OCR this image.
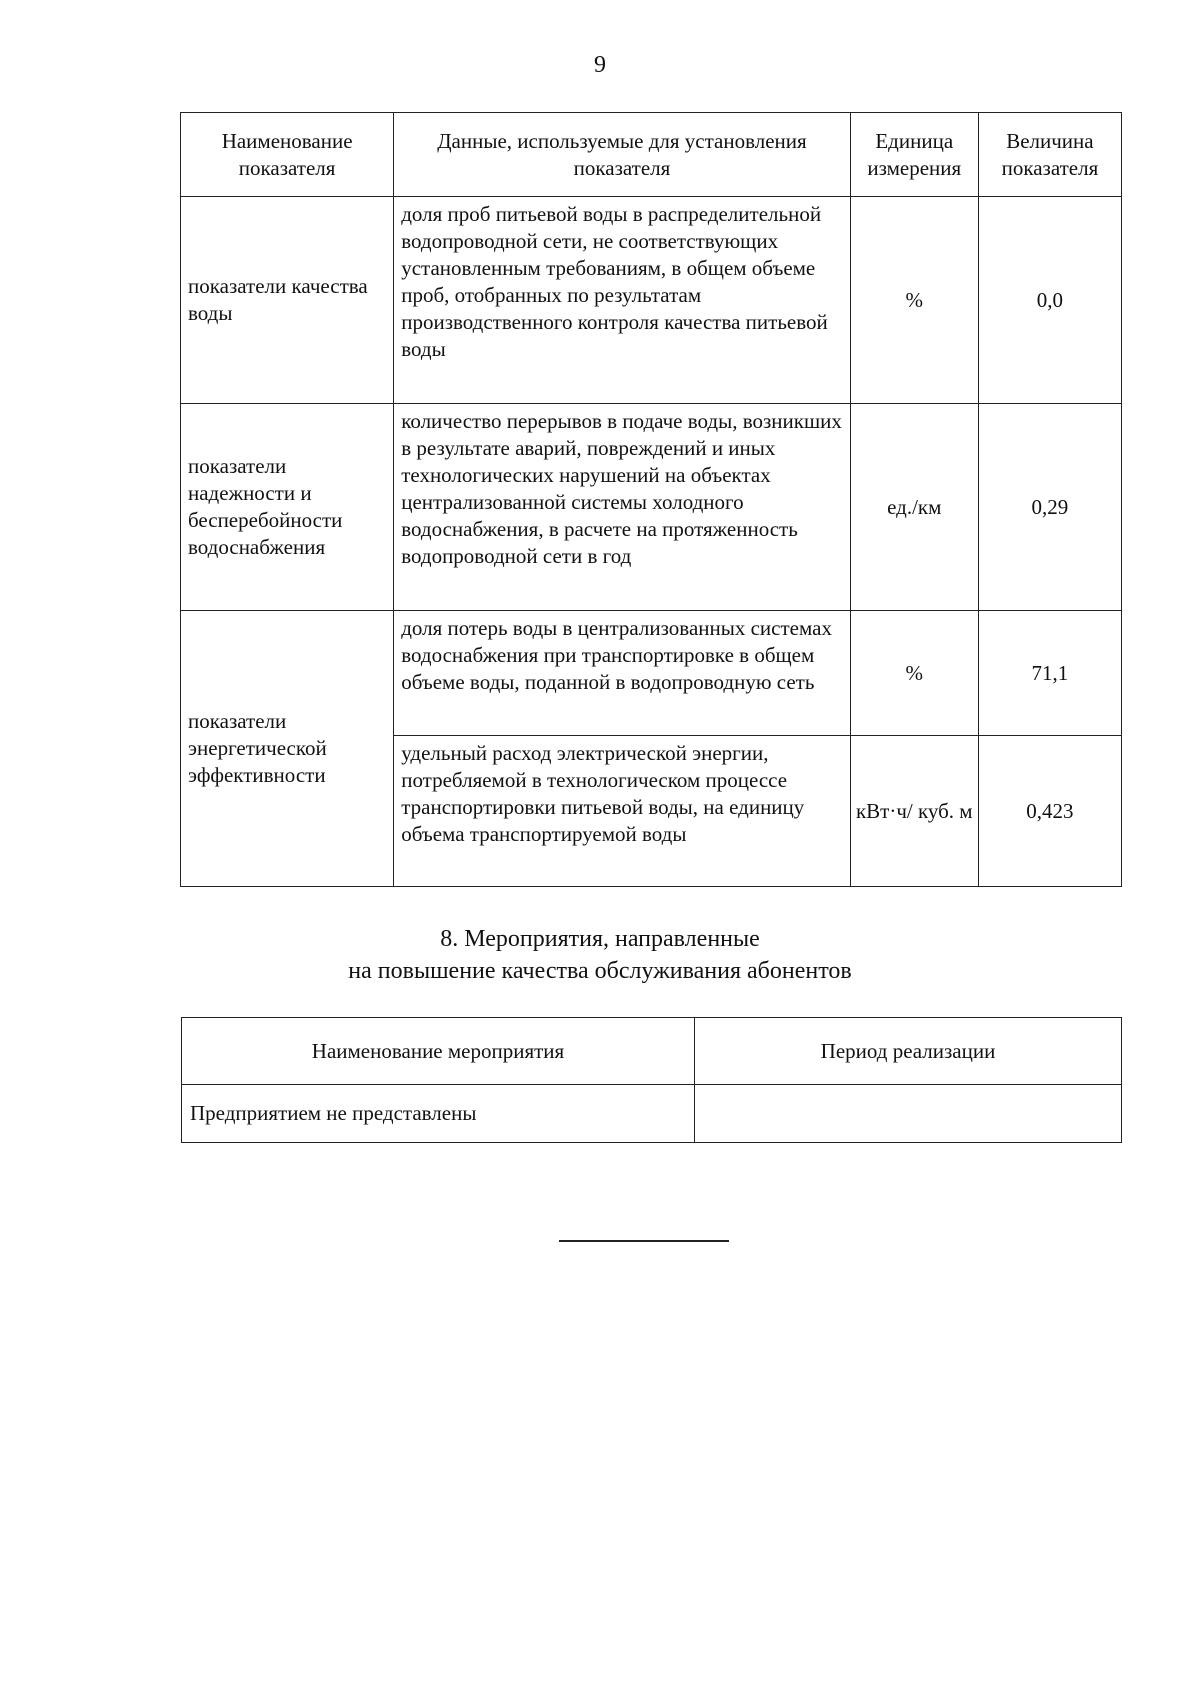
9
Наименование показателя	Данные, используемые для установления показателя	Единица измерения	Величина показателя
показатели качества воды	доля проб питьевой воды в распределительной водопроводной сети, не соответствующих установленным требованиям, в общем объеме проб, отобранных по результатам производственного контроля качества питьевой воды	%	0,0
показатели надежности и бесперебойности водоснабжения	количество перерывов в подаче воды, возникших в результате аварий, повреждений и иных технологических нарушений на объектах централизованной системы холодного водоснабжения, в расчете на протяженность водопроводной сети в год	ед./км	0,29
показатели энергетической эффективности	доля потерь воды в централизованных системах водоснабжения при транспортировке в общем объеме воды, поданной в водопроводную сеть	%	71,1
	удельный расход электрической энергии, потребляемой в технологическом процессе транспортировки питьевой воды, на единицу объема транспортируемой воды	кВт·ч/ куб. м	0,423
8. Мероприятия, направленные
на повышение качества обслуживания абонентов
Наименование мероприятия	Период реализации
Предприятием не представлены	
